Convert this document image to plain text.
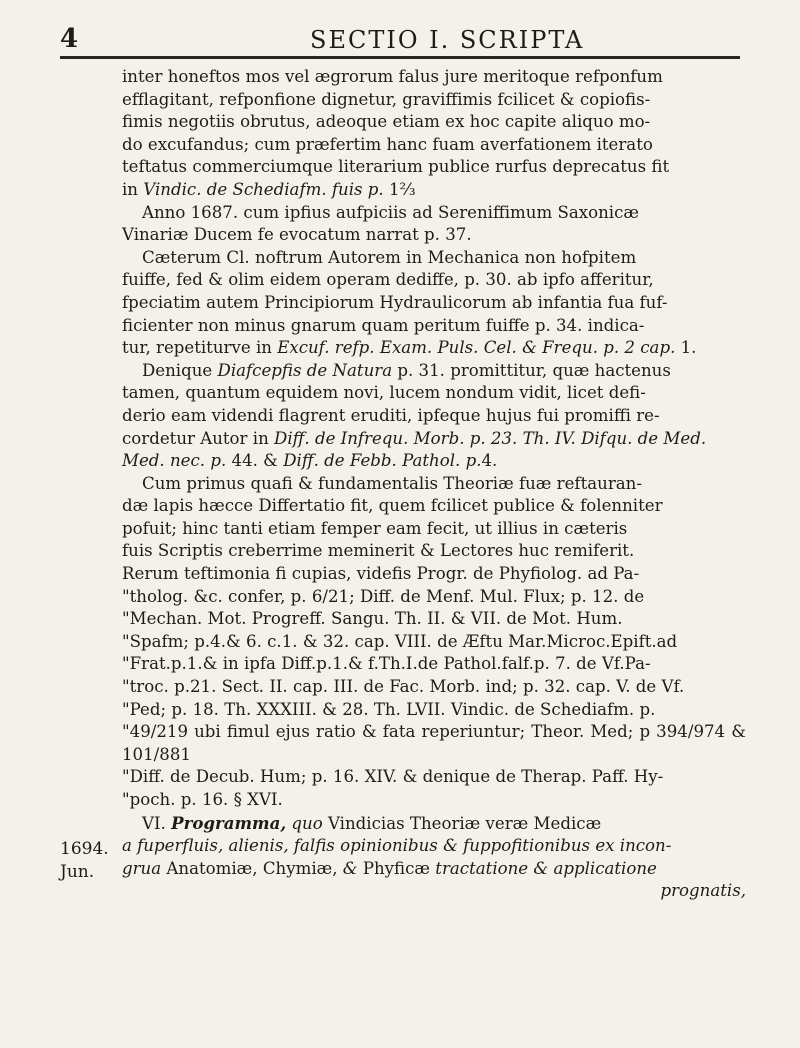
4	SECTIO I. SCRIPTA
1694.
Jun.

inter honeftos mos vel ægrorum falus jure meritoque refponfum

efflagitant, refponfione dignetur, graviffimis fcilicet & copiofis-

fimis negotiis obrutus, adeoque etiam ex hoc capite aliquo mo-

do excufandus; cum præfertim hanc fuam averfationem iterato

teftatus commerciumque literarium publice rurfus deprecatus fit

in Vindic. de Schediafm. fuis p. 1⅔

Anno 1687. cum ipfius aufpiciis ad Sereniffimum Saxonicæ

Vinariæ Ducem fe evocatum narrat p. 37.

Cæterum Cl. noftrum Autorem in Mechanica non hofpitem

fuiffe, fed & olim eidem operam dediffe, p. 30. ab ipfo afferitur,

fpeciatim autem Principiorum Hydraulicorum ab infantia fua fuf-

ficienter non minus gnarum quam peritum fuiffe p. 34. indica-

tur, repetiturve in Excuf. refp. Exam. Puls. Cel. & Frequ. p. 2 cap. 1.

Denique Diafcepfis de Natura p. 31. promittitur, quæ hactenus

tamen, quantum equidem novi, lucem nondum vidit, licet defi-

derio eam videndi flagrent eruditi, ipfeque hujus fui promiffi re-

cordetur Autor in Diff. de Infrequ. Morb. p. 23. Th. IV. Difqu. de Med.

Med. nec. p. 44. & Diff. de Febb. Pathol. p.4.

Cum primus quafi & fundamentalis Theoriæ fuæ reftauran-

dæ lapis hæcce Differtatio fit, quem fcilicet publice & folenniter

pofuit; hinc tanti etiam femper eam fecit, ut illius in cæteris

fuis Scriptis creberrime meminerit & Lectores huc remiferit.

Rerum teftimonia fi cupias, videfis Progr. de Phyfiolog. ad Pa-

"tholog. &c. confer, p. 6/21; Diff. de Menf. Mul. Flux; p. 12. de

"Mechan. Mot. Progreff. Sangu. Th. II. & VII. de Mot. Hum.

"Spafm; p.4.& 6. c.1. & 32. cap. VIII. de Æftu Mar.Microc.Epift.ad

"Frat.p.1.& in ipfa Diff.p.1.& f.Th.I.de Pathol.falf.p. 7. de Vf.Pa-

"troc. p.21. Sect. II. cap. III. de Fac. Morb. ind; p. 32. cap. V. de Vf.

"Ped; p. 18. Th. XXXIII. & 28. Th. LVII. Vindic. de Schediafm. p.

"49/219 ubi fimul ejus ratio & fata reperiuntur; Theor. Med; p 394/974 & 101/881

"Diff. de Decub. Hum; p. 16. XIV. & denique de Therap. Paff. Hy-

"poch. p. 16. § XVI.

VI. Programma, quo Vindicias Theoriæ veræ Medicæ

a fuperfluis, alienis, falfis opinionibus & fuppofitionibus ex incon-

grua Anatomiæ, Chymiæ, & Phyficæ tractatione & applicatione

prognatis,
